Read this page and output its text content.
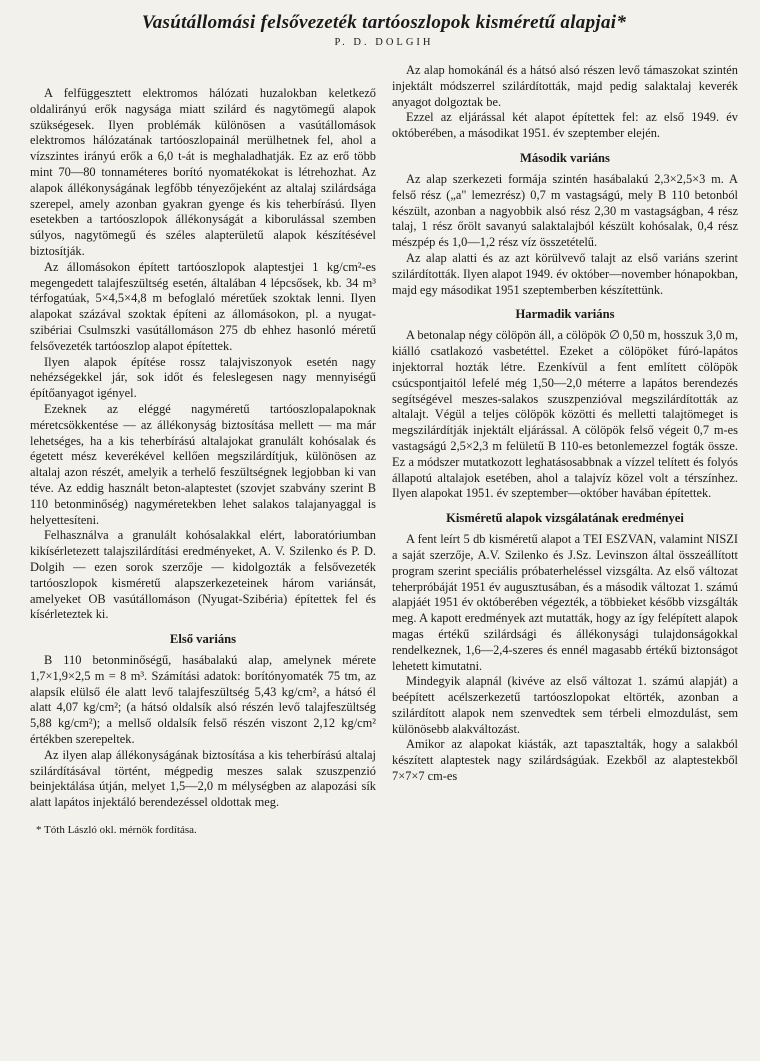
Vasútállomási felsővezeték tartóoszlopok kisméretű alapjai*
P. D. DOLGIH

A felfüggesztett elektromos hálózati huzalokban keletkező oldalirányú erők nagysága miatt szilárd és nagytömegű alapok szükségesek. Ilyen problémák különösen a vasútállomások elektromos hálózatának tartóoszlopainál merülhetnek fel, ahol a vízszintes irányú erők a 6,0 t-át is meghaladhatják. Ez az erő több mint 70—80 tonnaméteres borító nyomatékokat is létrehozhat. Az alapok állékonyságának legfőbb tényezőjeként az altalaj szilárdsága szerepel, amely azonban gyakran gyenge és kis teherbírású. Ilyen esetekben a tartóoszlopok állékonyságát a kiborulással szemben súlyos, nagytömegű és széles alapterületű alapok készítésével biztosítják.

Az állomásokon épített tartóoszlopok alaptestjei 1 kg/cm²-es megengedett talajfeszültség esetén, általában 4 lépcsősek, kb. 34 m³ térfogatúak, 5×4,5×4,8 m befoglaló méretűek szoktak lenni. Ilyen alapokat százával szoktak építeni az állomásokon, pl. a nyugat-szibériai Csulmszki vasútállomáson 275 db ehhez hasonló méretű felsővezeték tartóoszlop alapot építettek.

Ilyen alapok építése rossz talajviszonyok esetén nagy nehézségekkel jár, sok időt és feleslegesen nagy mennyiségű építőanyagot igényel.

Ezeknek az eléggé nagyméretű tartóoszlopalapoknak méretcsökkentése — az állékonyság biztosítása mellett — ma már lehetséges, ha a kis teherbírású altalajokat granulált kohósalak és égetett mész keverékével kellően megszilárdítjuk, különösen az altalaj azon részét, amelyik a terhelő feszültségnek legjobban ki van téve. Az eddig használt beton-alaptestet (szovjet szabvány szerint B 110 betonminőség) nagyméretekben lehet salakos talajanyaggal is helyettesíteni.

Felhasználva a granulált kohósalakkal elért, laboratóriumban kikísérletezett talajszilárdítási eredményeket, A. V. Szilenko és P. D. Dolgih — ezen sorok szerzője — kidolgozták a felsővezeték tartóoszlopok kisméretű alapszerkezeteinek három variánsát, amelyeket OB vasútállomáson (Nyugat-Szibéria) építettek fel és kísérleteztek ki.

Első variáns

B 110 betonminőségű, hasábalakú alap, amelynek mérete 1,7×1,9×2,5 m = 8 m³. Számítási adatok: borítónyomaték 75 tm, az alapsík elülső éle alatt levő talajfeszültség 5,43 kg/cm², a hátsó él alatt 4,07 kg/cm²; (a hátsó oldalsík alsó részén levő talajfeszültség 5,88 kg/cm²); a mellső oldalsík felső részén viszont 2,12 kg/cm² értékben szerepeltek.

Az ilyen alap állékonyságának biztosítása a kis teherbírású altalaj szilárdításával történt, mégpedig meszes salak szuszpenzió beinjektálása útján, melyet 1,5—2,0 m mélységben az alapozási sík alatt lapátos injektáló berendezéssel oldottak meg.

* Tóth László okl. mérnök fordítása.

Az alap homokánál és a hátsó alsó részen levő támaszokat szintén injektált módszerrel szilárdították, majd pedig salaktalaj keverék anyagot dolgoztak be.

Ezzel az eljárással két alapot építettek fel: az első 1949. év októberében, a másodikat 1951. év szeptember elején.

Második variáns

Az alap szerkezeti formája szintén hasábalakú 2,3×2,5×3 m. A felső rész („a" lemezrész) 0,7 m vastagságú, mely B 110 betonból készült, azonban a nagyobbik alsó rész 2,30 m vastagságban, 4 rész talaj, 1 rész őrölt savanyú salaktalajból készült kohósalak, 0,4 rész mészpép és 1,0—1,2 rész víz összetételű.

Az alap alatti és az azt körülvevő talajt az első variáns szerint szilárdították. Ilyen alapot 1949. év október—november hónapokban, majd egy másodikat 1951 szeptemberben készítettünk.

Harmadik variáns

A betonalap négy cölöpön áll, a cölöpök ∅ 0,50 m, hosszuk 3,0 m, kiálló csatlakozó vasbetéttel. Ezeket a cölöpöket fúró-lapátos injektorral hozták létre. Ezenkívül a fent említett cölöpök csúcspontjaitól lefelé még 1,50—2,0 méterre a lapátos berendezés segítségével meszes-salakos szuszpenzióval megszilárdították az altalajt. Végül a teljes cölöpök közötti és melletti talajtömeget is megszilárdítják injektált eljárással. A cölöpök felső végeit 0,7 m-es vastagságú 2,5×2,3 m felületű B 110-es betonlemezzel fogták össze. Ez a módszer mutatkozott leghatásosabbnak a vízzel telített és folyós állapotú altalajok esetében, ahol a talajvíz közel volt a térszínhez. Ilyen alapokat 1951. év szeptember—október havában építettek.

Kisméretű alapok vizsgálatának eredményei

A fent leírt 5 db kisméretű alapot a TEI ESZVAN, valamint NISZI a saját szerzője, A.V. Szilenko és J.Sz. Levinszon által összeállított program szerint speciális próbaterheléssel vizsgálta. Az első változat teherpróbáját 1951 év augusztusában, és a második változat 1. számú alapjáét 1951 év októberében végezték, a többieket később vizsgálták meg. A kapott eredmények azt mutatták, hogy az így felépített alapok magas értékű szilárdsági és állékonysági tulajdonságokkal rendelkeznek, 1,6—2,4-szeres és ennél magasabb értékű biztonságot lehetett kimutatni.

Mindegyik alapnál (kivéve az első változat 1. számú alapját) a beépített acélszerkezetű tartóoszlopokat eltörték, azonban a szilárdított alapok nem szenvedtek sem térbeli elmozdulást, sem különösebb alakváltozást.

Amikor az alapokat kiásták, azt tapasztalták, hogy a salakból készített alaptestek nagy szilárdságúak. Ezekből az alaptestekből 7×7×7 cm-es
